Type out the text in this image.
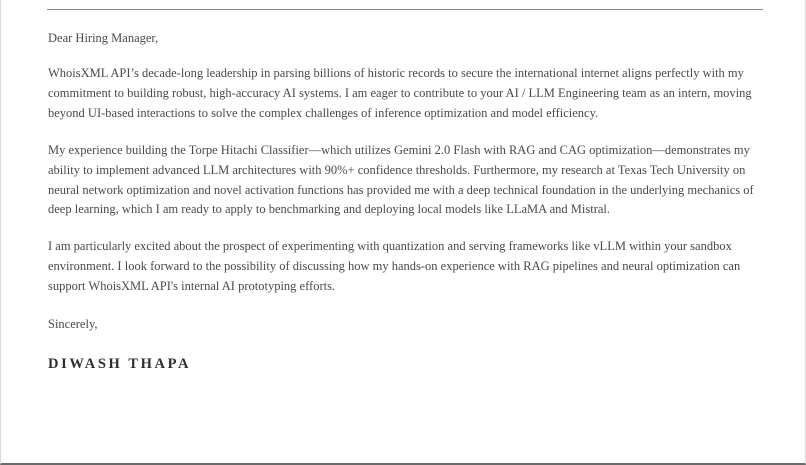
Dear Hiring Manager,

WhoisXML API’s decade-long leadership in parsing billions of historic records to secure the international internet aligns perfectly with my commitment to building robust, high-accuracy AI systems. I am eager to contribute to your AI / LLM Engineering team as an intern, moving beyond UI-based interactions to solve the complex challenges of inference optimization and model efficiency.

My experience building the Torpe Hitachi Classifier—which utilizes Gemini 2.0 Flash with RAG and CAG optimization—demonstrates my ability to implement advanced LLM architectures with 90%+ confidence thresholds. Furthermore, my research at Texas Tech University on neural network optimization and novel activation functions has provided me with a deep technical foundation in the underlying mechanics of deep learning, which I am ready to apply to benchmarking and deploying local models like LLaMA and Mistral.

I am particularly excited about the prospect of experimenting with quantization and serving frameworks like vLLM within your sandbox environment. I look forward to the possibility of discussing how my hands-on experience with RAG pipelines and neural optimization can support WhoisXML API's internal AI prototyping efforts.

Sincerely,

DIWASH THAPA
